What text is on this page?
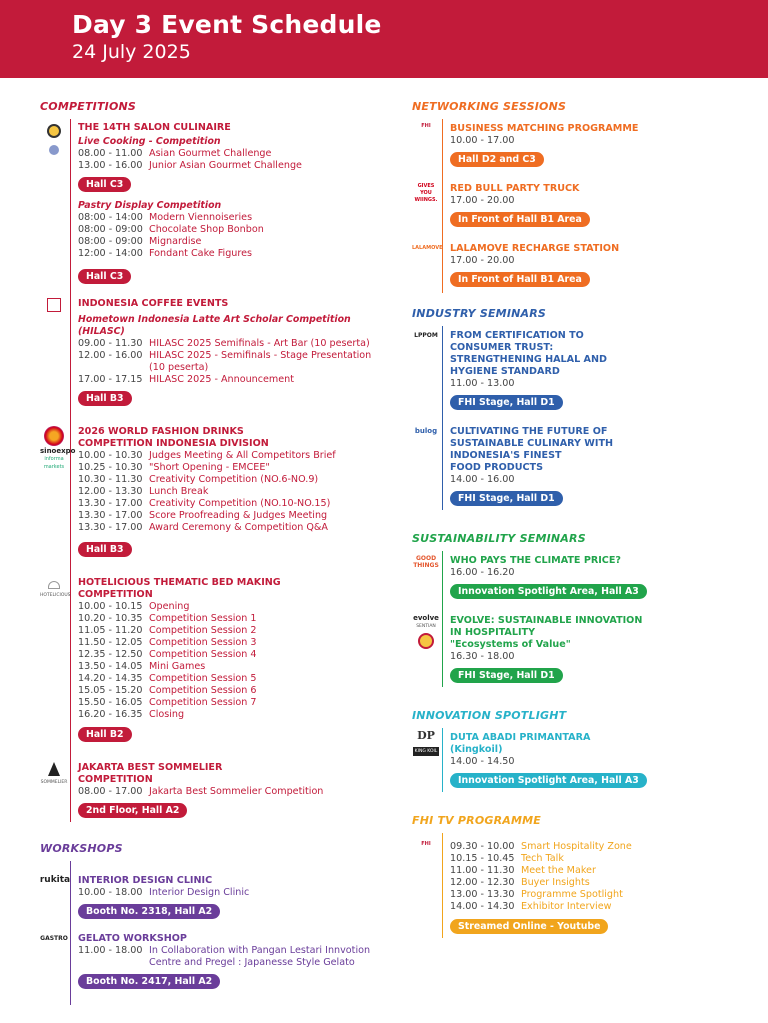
Day 3 Event Schedule
24 July 2025
COMPETITIONS

THE 14TH SALON CULINAIRE
Live Cooking - Competition
08.00 - 11.00 Asian Gourmet Challenge
13.00 - 16.00 Junior Asian Gourmet Challenge
Hall C3
Pastry Display Competition
08:00 - 14:00 Modern Viennoiseries
08:00 - 09:00 Chocolate Shop Bonbon
08:00 - 09:00 Mignardise
12:00 - 14:00 Fondant Cake Figures
Hall C3
INDONESIA COFFEE EVENTS
Hometown Indonesia Latte Art Scholar Competition (HILASC)
09.00 - 11.30 HILASC 2025 Semifinals - Art Bar (10 peserta)
12.00 - 16.00 HILASC 2025 - Semifinals - Stage Presentation (10 peserta)
17.00 - 17.15 HILASC 2025 - Announcement
Hall B3

sinoexpo
informa markets
2026 WORLD FASHION DRINKS
COMPETITION INDONESIA DIVISION
10.00 - 10.30 Judges Meeting & All Competitors Brief
10.25 - 10.30 "Short Opening - EMCEE"
10.30 - 11.30 Creativity Competition (NO.6-NO.9)
12.00 - 13.30 Lunch Break
13.30 - 17.00 Creativity Competition (NO.10-NO.15)
13.30 - 17.00 Score Proofreading & Judges Meeting
13.30 - 17.00 Award Ceremony & Competition Q&A
Hall B3

HOTELICIOUS
HOTELICIOUS THEMATIC BED MAKING
COMPETITION
10.00 - 10.15 Opening
10.20 - 10.35 Competition Session 1
11.05 - 11.20 Competition Session 2
11.50 - 12.05 Competition Session 3
12.35 - 12.50 Competition Session 4
13.50 - 14.05 Mini Games
14.20 - 14.35 Competition Session 5
15.05 - 15.20 Competition Session 6
15.50 - 16.05 Competition Session 7
16.20 - 16.35 Closing
Hall B2

SOMMELIER
JAKARTA BEST SOMMELIER
COMPETITION
08.00 - 17.00 Jakarta Best Sommelier Competition
2nd Floor, Hall A2
WORKSHOPS
rukita INTERIOR DESIGN CLINIC
10.00 - 18.00 Interior Design Clinic
Booth No. 2318, Hall A2
GASTRO GELATO WORKSHOP
11.00 - 18.00 In Collaboration with Pangan Lestari Innvotion Centre and Pregel : Japanesse Style Gelato
Booth No. 2417, Hall A2
NETWORKING SESSIONS
FHI	BUSINESS MATCHING PROGRAMME
10.00 - 17.00
Hall D2 and C3
GIVES YOU WIINGS.
RED BULL PARTY TRUCK
17.00 - 20.00
In Front of Hall B1 Area
LALAMOVE LALAMOVE RECHARGE STATION
17.00 - 20.00
In Front of Hall B1 Area
INDUSTRY SEMINARS
LPPOM FROM CERTIFICATION TO
CONSUMER TRUST:
STRENGTHENING HALAL AND
HYGIENE STANDARD
11.00 - 13.00
FHI Stage, Hall D1
bulog	CULTIVATING THE FUTURE OF
SUSTAINABLE CULINARY WITH
INDONESIA'S FINEST
FOOD PRODUCTS
14.00 - 16.00
FHI Stage, Hall D1
SUSTAINABILITY SEMINARS
GOOD THINGS WHO PAYS THE CLIMATE PRICE?
16.00 - 16.20
Innovation Spotlight Area, Hall A3
evolve
SENTIAN

EVOLVE: SUSTAINABLE INNOVATION
IN HOSPITALITY
"Ecosystems of Value"
16.30 - 18.00
FHI Stage, Hall D1
INNOVATION SPOTLIGHT
DP
KING KOIL
DUTA ABADI PRIMANTARA
(Kingkoil)
14.00 - 14.50
Innovation Spotlight Area, Hall A3
FHI TV PROGRAMME
FHI	09.30 - 10.00 Smart Hospitality Zone
10.15 - 10.45 Tech Talk
11.00 - 11.30 Meet the Maker
12.00 - 12.30 Buyer Insights
13.00 - 13.30 Programme Spotlight
14.00 - 14.30 Exhibitor Interview
Streamed Online - Youtube
